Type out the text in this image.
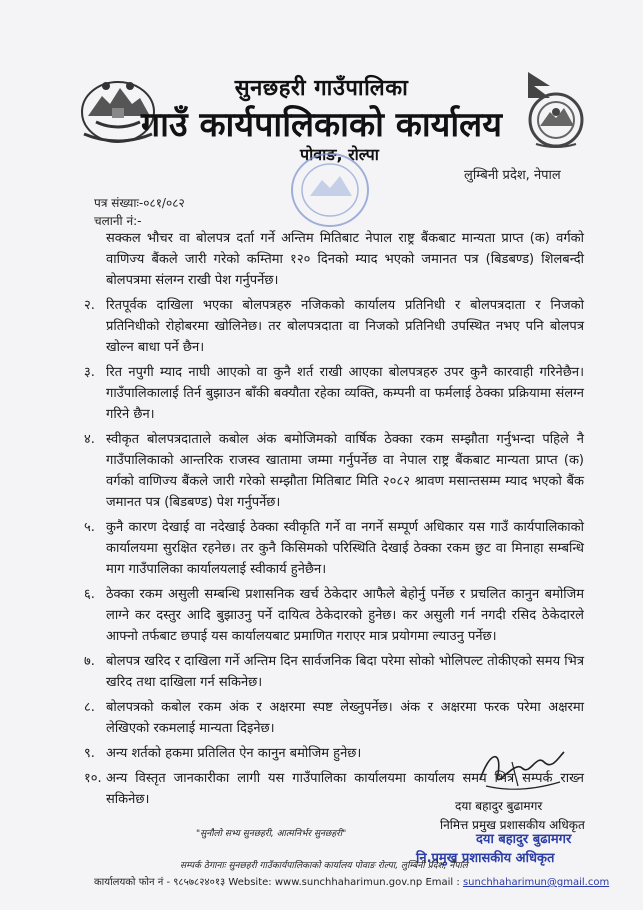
सुनछहरी गाउँपालिका
गाउँ कार्यपालिकाको कार्यालय
पोवाङ, रोल्पा
लुम्बिनी प्रदेश, नेपाल
पत्र संख्याः-०८१/०८२
चलानी नं:-
सक्कल भौचर वा बोलपत्र दर्ता गर्ने अन्तिम मितिबाट नेपाल राष्ट्र बैंकबाट मान्यता प्राप्त (क) वर्गको वाणिज्य बैंकले जारी गरेको कम्तिमा १२० दिनको म्याद भएको जमानत पत्र (बिडबण्ड) शिलबन्दी बोलपत्रमा संलग्न राखी पेश गर्नुपर्नेछ।
२. रितपूर्वक दाखिला भएका बोलपत्रहरु नजिकको कार्यालय प्रतिनिधी र बोलपत्रदाता र निजको प्रतिनिधीको रोहोबरमा खोलिनेछ। तर बोलपत्रदाता वा निजको प्रतिनिधी उपस्थित नभए पनि बोलपत्र खोल्न बाधा पर्ने छैन।
३. रित नपुगी म्याद नाघी आएको वा कुनै शर्त राखी आएका बोलपत्रहरु उपर कुनै कारवाही गरिनेछैन। गाउँपालिकालाई तिर्न बुझाउन बाँकी बक्यौता रहेका व्यक्ति, कम्पनी वा फर्मलाई ठेक्का प्रक्रियामा संलग्न गरिने छैन।
४. स्वीकृत बोलपत्रदाताले कबोल अंक बमोजिमको वार्षिक ठेक्का रकम सम्झौता गर्नुभन्दा पहिले नै गाउँपालिकाको आन्तरिक राजस्व खातामा जम्मा गर्नुपर्नेछ वा नेपाल राष्ट्र बैंकबाट मान्यता प्राप्त (क) वर्गको वाणिज्य बैंकले जारी गरेको सम्झौता मितिबाट मिति २०८२ श्रावण मसान्तसम्म म्याद भएको बैंक जमानत पत्र (बिडबण्ड) पेश गर्नुपर्नेछ।
५. कुनै कारण देखाई वा नदेखाई ठेक्का स्वीकृति गर्ने वा नगर्ने सम्पूर्ण अधिकार यस गाउँ कार्यपालिकाको कार्यालयमा सुरक्षित रहनेछ। तर कुनै किसिमको परिस्थिति देखाई ठेक्का रकम छुट वा मिनाहा सम्बन्धि माग गाउँपालिका कार्यालयलाई स्वीकार्य हुनेछैन।
६. ठेक्का रकम असुली सम्बन्धि प्रशासनिक खर्च ठेकेदार आफैले बेहोर्नु पर्नेछ र प्रचलित कानुन बमोजिम लाग्ने कर दस्तुर आदि बुझाउनु पर्ने दायित्व ठेकेदारको हुनेछ। कर असुली गर्न नगदी रसिद ठेकेदारले आफ्नो तर्फबाट छपाई यस कार्यालयबाट प्रमाणित गराएर मात्र प्रयोगमा ल्याउनु पर्नेछ।
७. बोलपत्र खरिद र दाखिला गर्ने अन्तिम दिन सार्वजनिक बिदा परेमा सोको भोलिपल्ट तोकीएको समय भित्र खरिद तथा दाखिला गर्न सकिनेछ।
८. बोलपत्रको कबोल रकम अंक र अक्षरमा स्पष्ट लेख्नुपर्नेछ। अंक र अक्षरमा फरक परेमा अक्षरमा लेखिएको रकमलाई मान्यता दिइनेछ।
९. अन्य शर्तको हकमा प्रतिलित ऐन कानुन बमोजिम हुनेछ।
१०. अन्य विस्तृत जानकारीका लागी यस गाउँपालिका कार्यालयमा कार्यालय समय भित्र सम्पर्क राख्न सकिनेछ।	दया बहादुर बुढामगर
निमित्त प्रमुख प्रशासकीय अधिकृत
दया बहादुर बुढामगर
नि.प्रमुख प्रशासकीय अधिकृत
"सुनौलो सभ्य सुनछहरी, आत्मनिर्भर सुनछहरी"
सम्पर्क ठेगानाः सुनछहरी गाउँकार्यपालिकाको कार्यालय पोवाङ रोल्पा, लुम्बिनी प्रदेश, नेपाल
कार्यालयको फोन नं - ९८५७८२४०१३ Website: www.sunchhaharimun.gov.np Email : sunchhaharimun@gmail.com
